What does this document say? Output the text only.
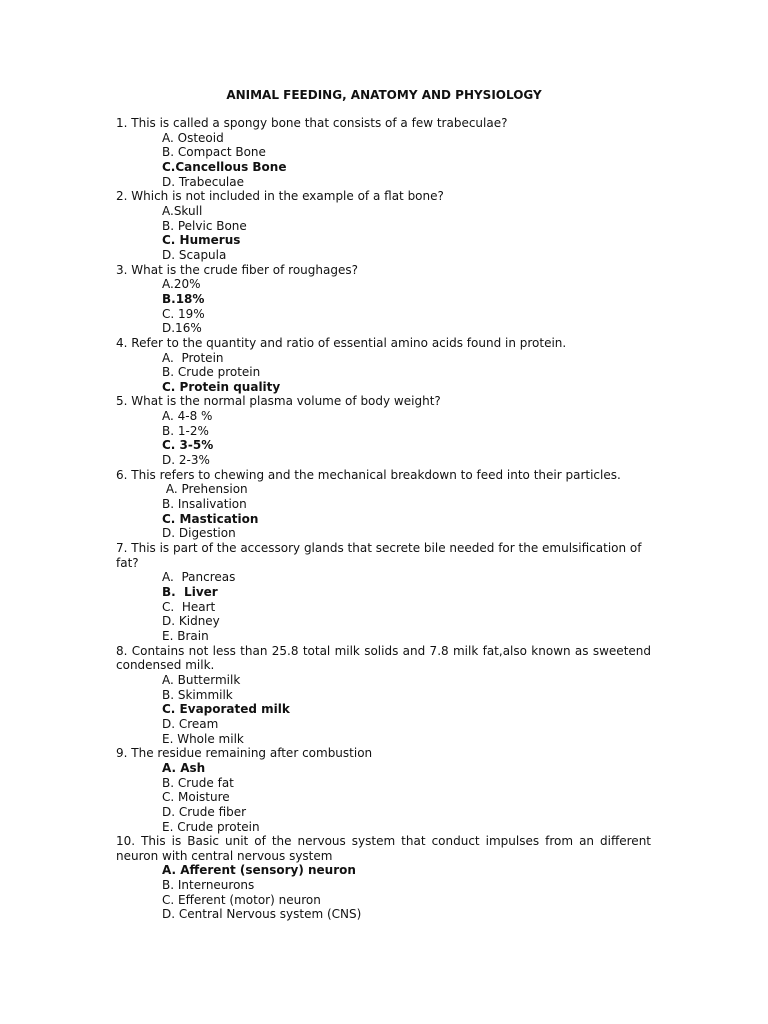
ANIMAL FEEDING, ANATOMY AND PHYSIOLOGY
1. This is called a spongy bone that consists of a few trabeculae?
A. Osteoid
B. Compact Bone
C.Cancellous Bone
D. Trabeculae
2. Which is not included in the example of a flat bone?
A.Skull
B. Pelvic Bone
C. Humerus
D. Scapula
3. What is the crude fiber of roughages?
A.20%
B.18%
C. 19%
D.16%
4. Refer to the quantity and ratio of essential amino acids found in protein.
A.  Protein
B. Crude protein
C. Protein quality
5. What is the normal plasma volume of body weight?
A. 4-8 %
B. 1-2%
C. 3-5%
D. 2-3%
6. This refers to chewing and the mechanical breakdown to feed into their particles.
A. Prehension
B. Insalivation
C. Mastication
D. Digestion
7. This is part of the accessory glands that secrete bile needed for the emulsification of fat?
A.  Pancreas
B.  Liver
C.  Heart
D. Kidney
E. Brain
8. Contains not less than 25.8 total milk solids and 7.8 milk fat,also known as sweetend condensed milk.
A. Buttermilk
B. Skimmilk
C. Evaporated milk
D. Cream
E. Whole milk
9. The residue remaining after combustion
A. Ash
B. Crude fat
C. Moisture
D. Crude fiber
E. Crude protein
10. This is Basic unit of the nervous system that conduct impulses from an different neuron with central nervous system
A. Afferent (sensory) neuron
B. Interneurons
C. Efferent (motor) neuron
D. Central Nervous system (CNS)
